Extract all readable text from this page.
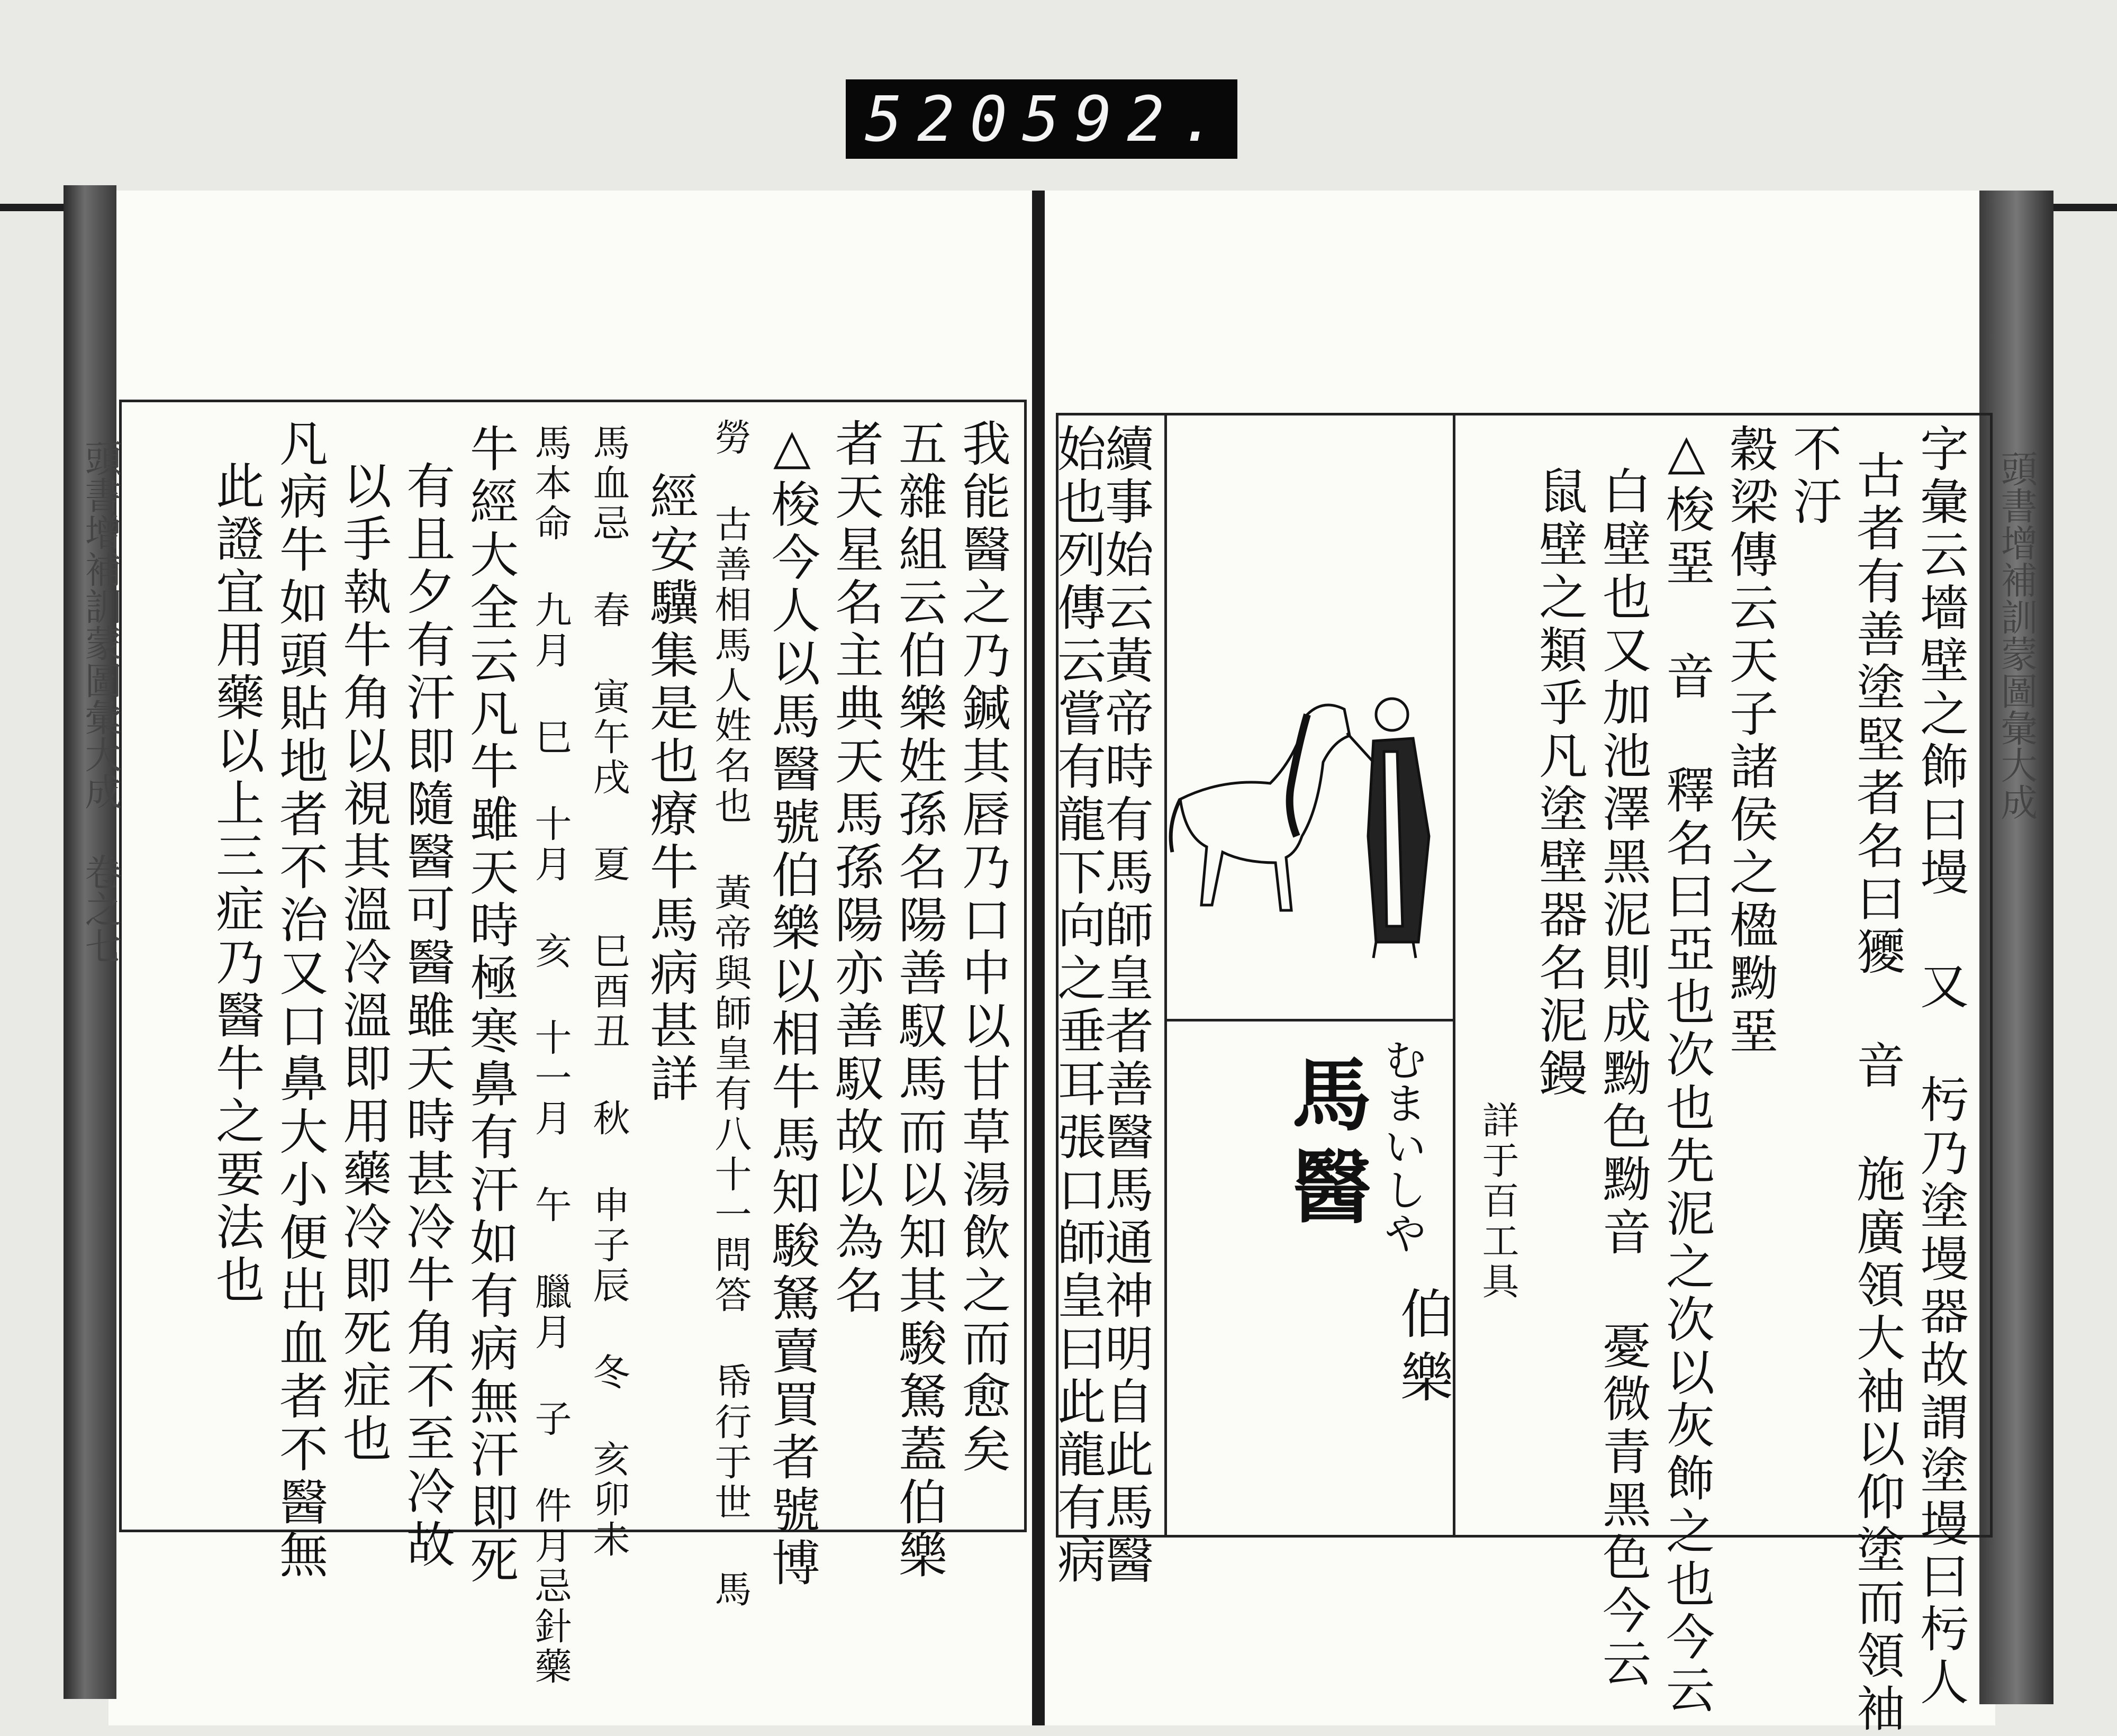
520 592.
頭書增補訓蒙圖彙大成 卷之七	我能醫之乃鍼其唇乃口中以甘草湯飲之而愈矣
五雜組云伯樂姓孫名陽善馭馬而以知其駿駑蓋伯樂
者天星名主典天馬孫陽亦善馭故以為名
△梭今人以馬醫號伯樂以相牛馬知駿駑賣買者號博
勞 古善相馬人姓名也 黃帝與師皇有八十一問答 帋行于世 馬
經安驥集是也療牛馬病甚詳
馬血忌 春 寅午戌 夏 巳酉丑 秋 申子辰 冬 亥卯未
馬本命 九月 巳 十月 亥 十一月 午 臘月 子 件月忌針藥
牛經大全云凡牛雖天時極寒鼻有汗如有病無汗即死
有且夕有汗即隨醫可醫雖天時甚冷牛角不至冷故
以手執牛角以視其溫冷溫即用藥冷即死症也
凡病牛如頭貼地者不治又口鼻大小便出血者不醫無
此證宜用藥以上三症乃醫牛之要法也	頭書增補訓蒙圖彙大成
字彙云墻壁之飾曰墁 又 杇乃塗墁器故謂塗墁曰杇人
古者有善塗堅者名曰獿 音 施廣領大袖以仰塗而領袖
不汙
穀梁傳云天子諸侯之楹黝堊
△梭堊 音 釋名曰亞也次也先泥之次以灰飾之也今云
白壁也又加池澤黑泥則成黝色黝音 憂微青黑色今云
鼠壁之類乎凡塗壁器名泥鏝
詳于百工具
むまいしや
馬醫
伯樂
續事始云黃帝時有馬師皇者善醫馬通神明自此馬醫
始也列傳云嘗有龍下向之垂耳張口師皇曰此龍有病
